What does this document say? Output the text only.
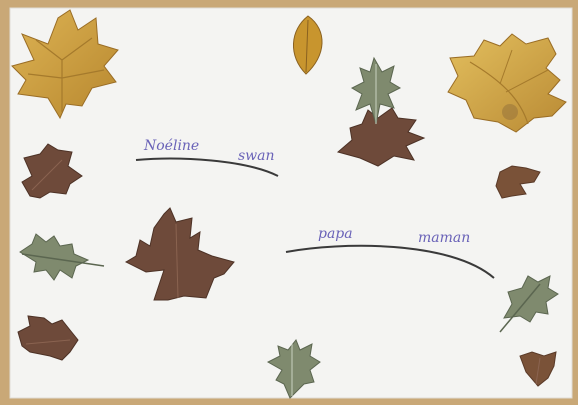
Noéline
swan
papa	maman
